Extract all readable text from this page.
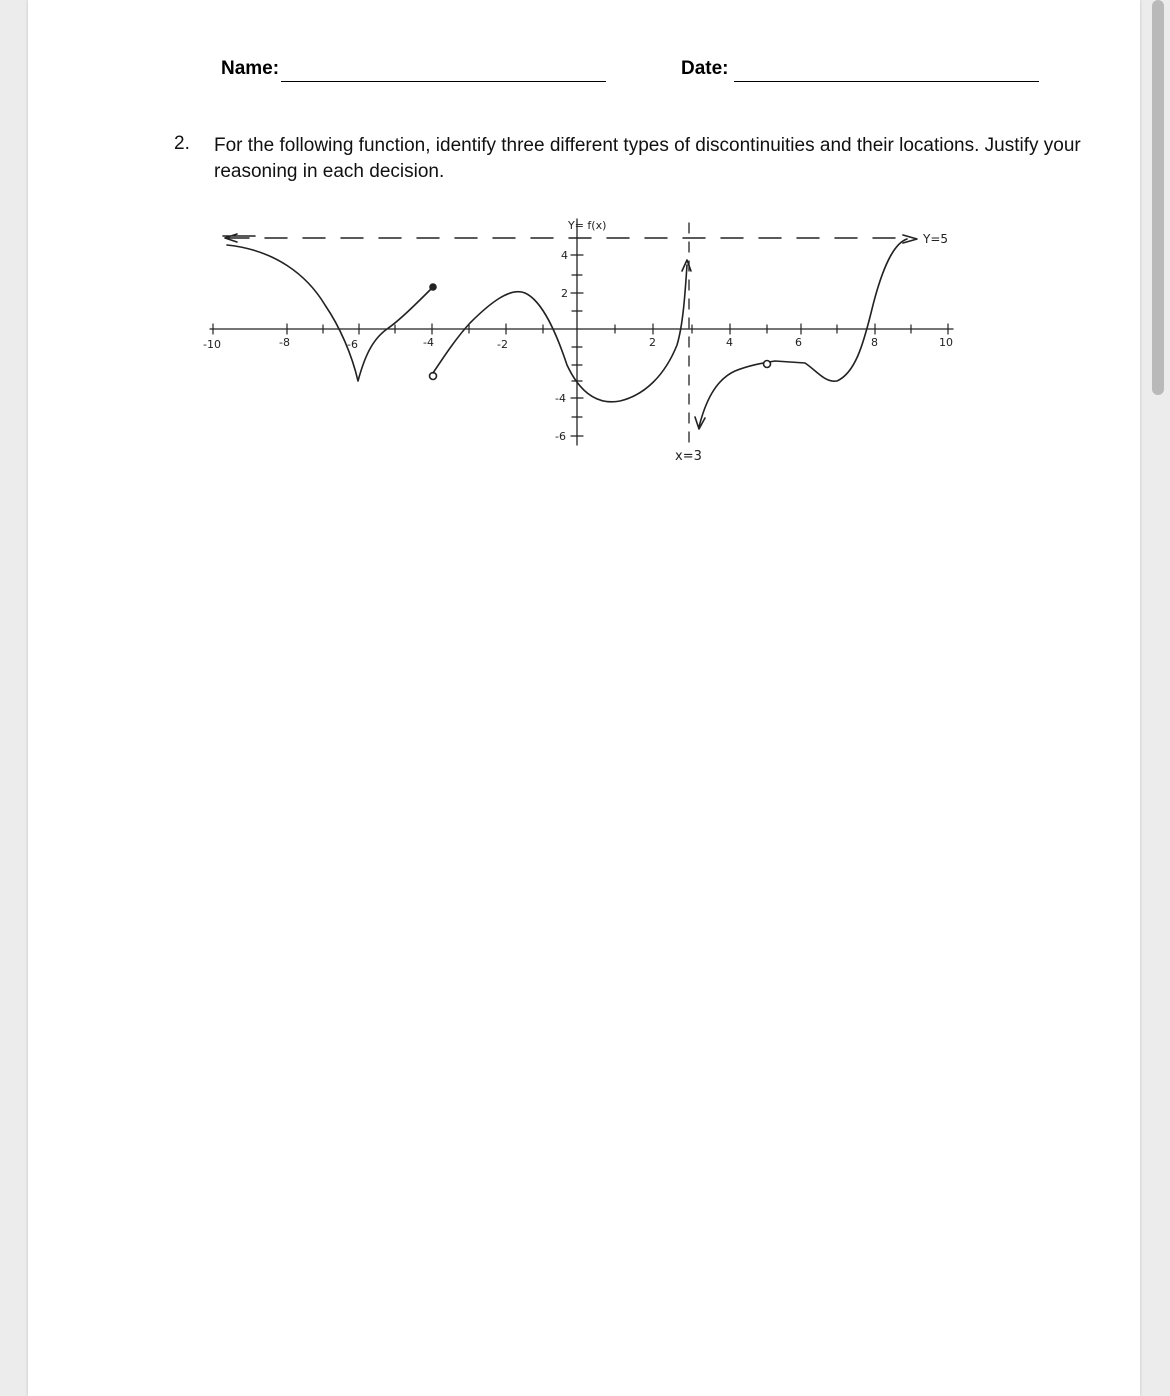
Name:	Date:
2. For the following function, identify three different types of discontinuities and their locations. Justify your reasoning in each decision.
Y= f(x)
Y=5
x=3
-10	-8	-6	-4	-2	2	4	6	8	10
4
2
-4
-6
